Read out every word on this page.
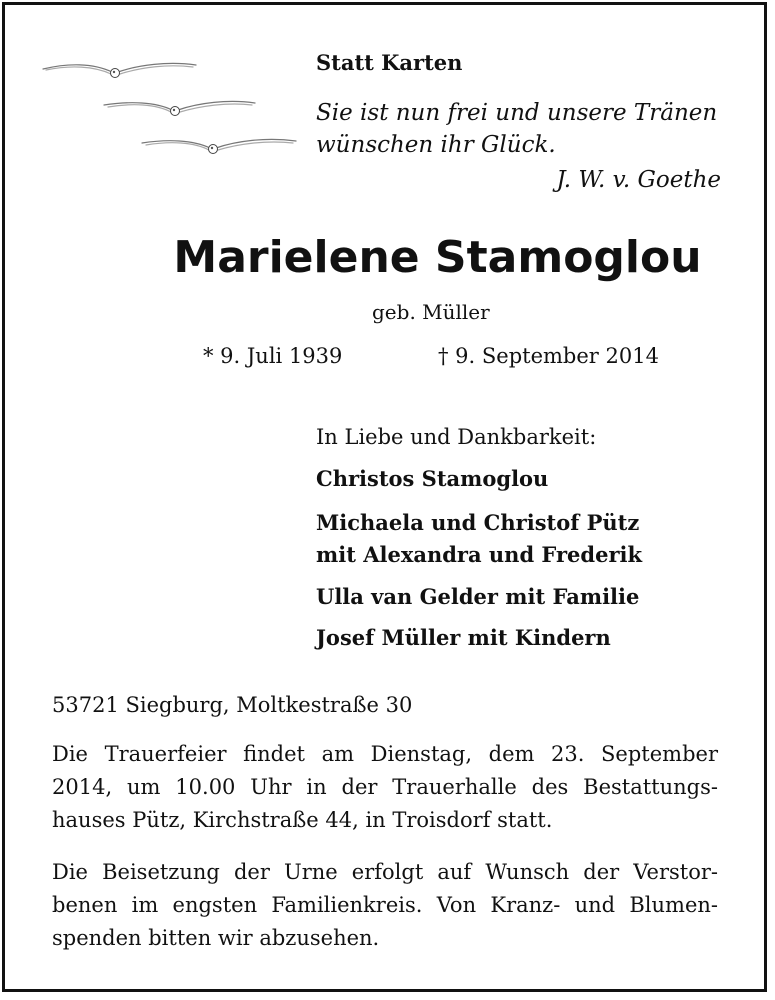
Statt Karten

Sie ist nun frei und unsere Tränen

wünschen ihr Glück.

J. W. v. Goethe

Marielene Stamoglou

geb. Müller

* 9. Juli 1939	† 9. September 2014

In Liebe und Dankbarkeit:

Christos Stamoglou

Michaela und Christof Pütz

mit Alexandra und Frederik

Ulla van Gelder mit Familie

Josef Müller mit Kindern

53721 Siegburg, Moltkestraße 30

Die Trauerfeier findet am Dienstag, dem 23. September
2014, um 10.00 Uhr in der Trauerhalle des Bestattungs-
hauses Pütz, Kirchstraße 44, in Troisdorf statt.

Die Beisetzung der Urne erfolgt auf Wunsch der Verstor-
benen im engsten Familienkreis. Von Kranz- und Blumen-
spenden bitten wir abzusehen.
